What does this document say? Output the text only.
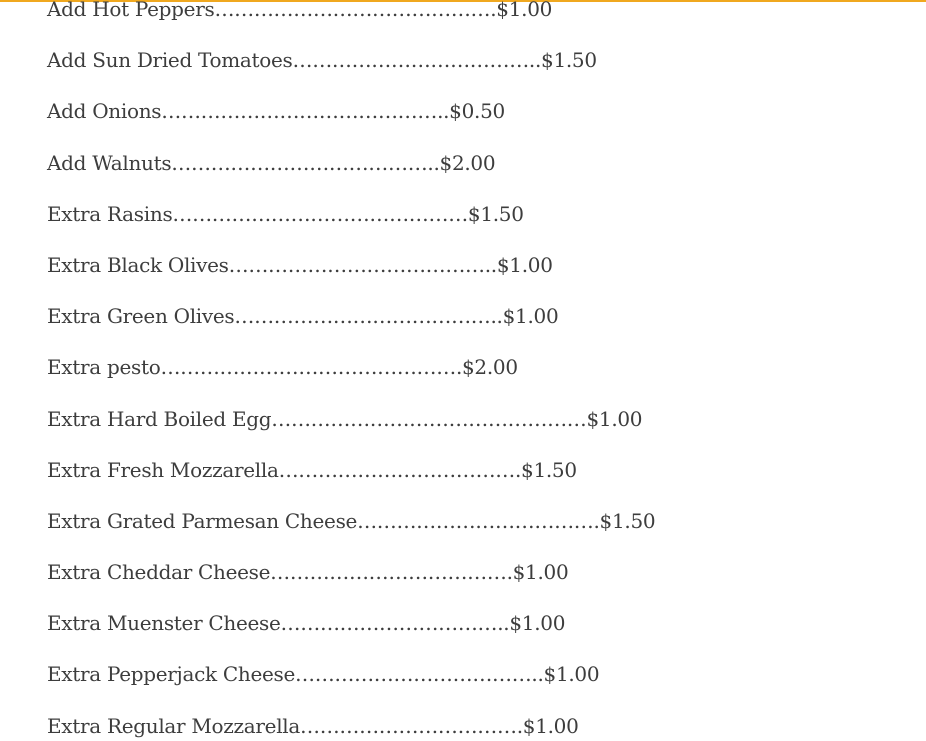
Add Hot Peppers…………………………………….$1.00
Add Sun Dried Tomatoes………………………………..$1.50
Add Onions……………………………………..$0.50
Add Walnuts…………………………………..$2.00
Extra Rasins………………………………………$1.50
Extra Black Olives…………………………………..$1.00
Extra Green Olives…………………………………..$1.00
Extra pesto……………………………………….$2.00
Extra Hard Boiled Egg…………………………………………$1.00
Extra Fresh Mozzarella……………………………….$1.50
Extra Grated Parmesan Cheese……………………………….$1.50
Extra Cheddar Cheese……………………………….$1.00
Extra Muenster Cheese……………………………..$1.00
Extra Pepperjack Cheese………………………………..$1.00
Extra Regular Mozzarella…………………………….$1.00
